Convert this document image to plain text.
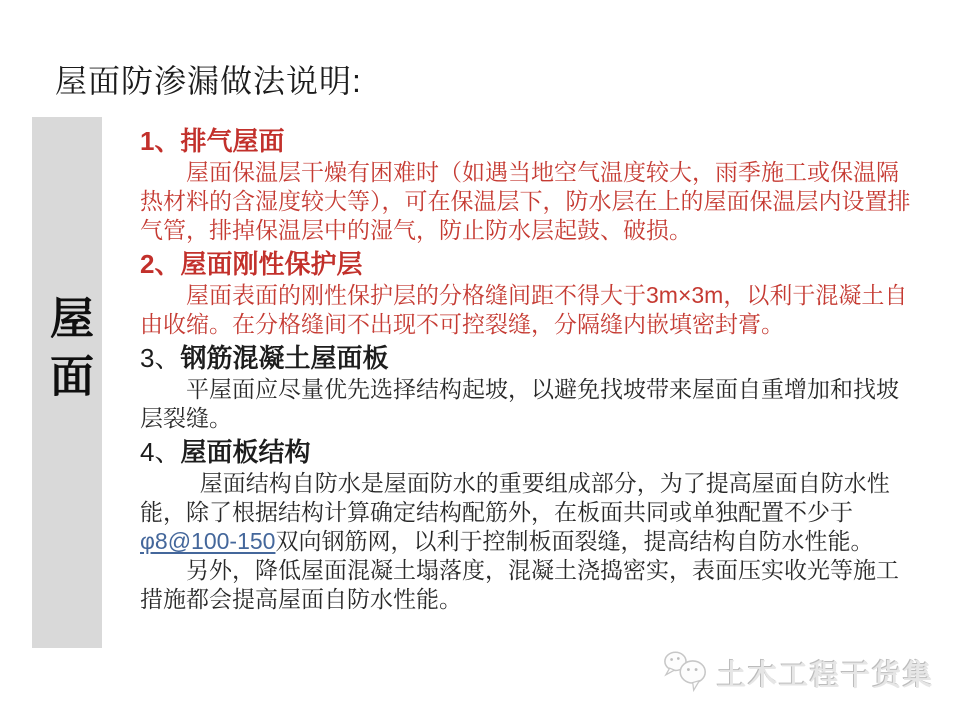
屋面防渗漏做法说明:
屋面
1、排气屋面

屋面保温层干燥有困难时（如遇当地空气温度较大，雨季施工或保温隔热材料的含湿度较大等），可在保温层下，防水层在上的屋面保温层内设置排气管，排掉保温层中的湿气，防止防水层起鼓、破损。

2、屋面刚性保护层

屋面表面的刚性保护层的分格缝间距不得大于3m×3m，以利于混凝土自由收缩。在分格缝间不出现不可控裂缝，分隔缝内嵌填密封膏。

3、钢筋混凝土屋面板

平屋面应尽量优先选择结构起坡，以避免找坡带来屋面自重增加和找坡层裂缝。

4、屋面板结构

屋面结构自防水是屋面防水的重要组成部分，为了提高屋面自防水性能，除了根据结构计算确定结构配筋外，在板面共同或单独配置不少于φ8@100-150双向钢筋网，以利于控制板面裂缝，提高结构自防水性能。

另外，降低屋面混凝土塌落度，混凝土浇捣密实，表面压实收光等施工措施都会提高屋面自防水性能。

土木工程干货集
